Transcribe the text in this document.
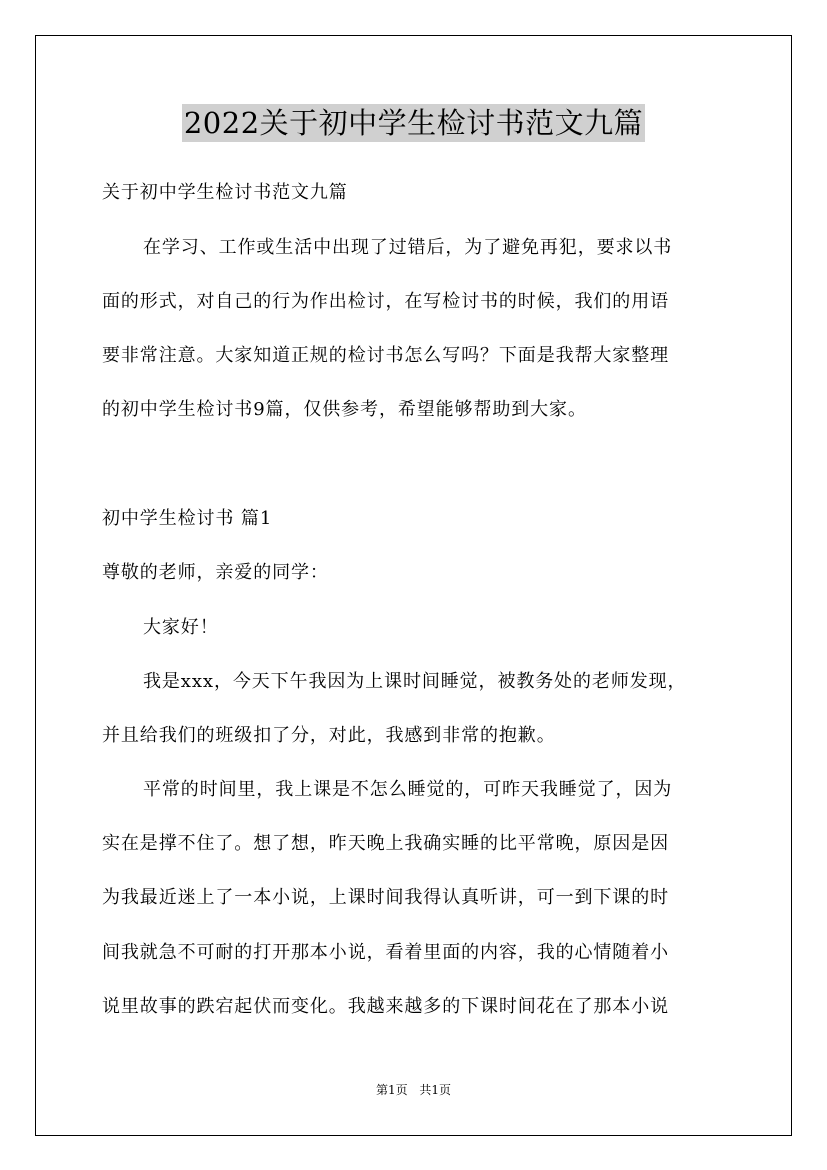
2022关于初中学生检讨书范文九篇
关于初中学生检讨书范文九篇
在学习、工作或生活中出现了过错后，为了避免再犯，要求以书
面的形式，对自己的行为作出检讨，在写检讨书的时候，我们的用语
要非常注意。大家知道正规的检讨书怎么写吗？下面是我帮大家整理
的初中学生检讨书9篇，仅供参考，希望能够帮助到大家。
初中学生检讨书 篇1
尊敬的老师，亲爱的同学：
大家好！
我是xxx，今天下午我因为上课时间睡觉，被教务处的老师发现，
并且给我们的班级扣了分，对此，我感到非常的抱歉。
平常的时间里，我上课是不怎么睡觉的，可昨天我睡觉了，因为
实在是撑不住了。想了想，昨天晚上我确实睡的比平常晚，原因是因
为我最近迷上了一本小说，上课时间我得认真听讲，可一到下课的时
间我就急不可耐的打开那本小说，看着里面的内容，我的心情随着小
说里故事的跌宕起伏而变化。我越来越多的下课时间花在了那本小说
第1页 共1页
